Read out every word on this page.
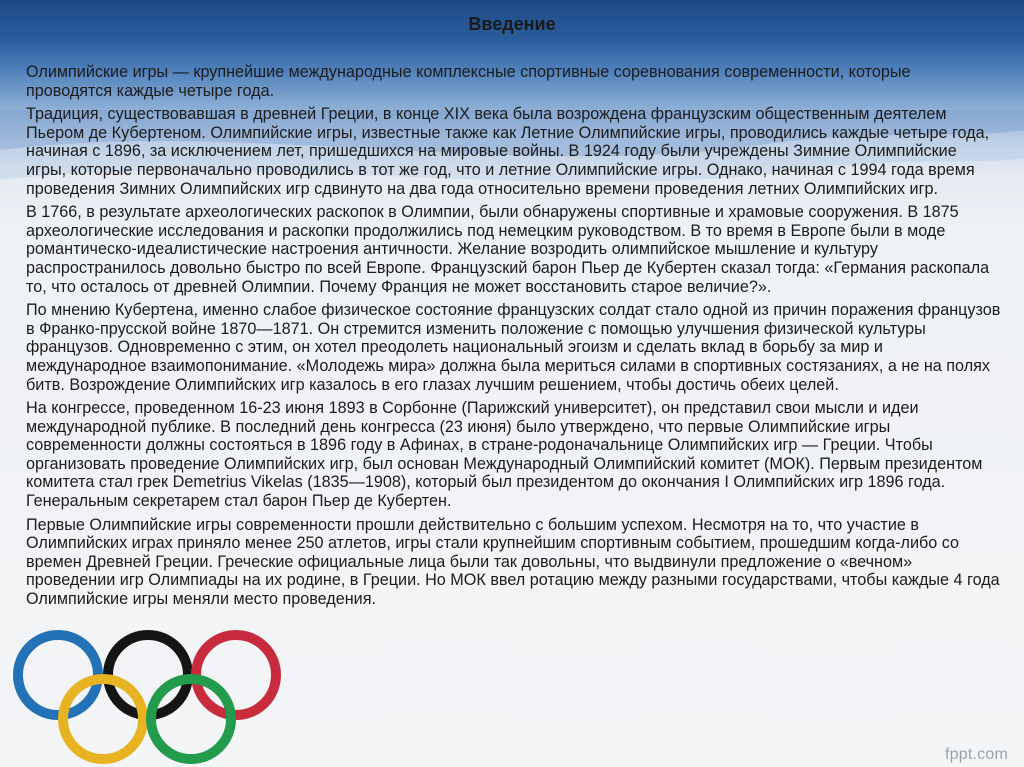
Введение

Олимпийские игры — крупнейшие международные комплексные спортивные соревнования современности, которые проводятся каждые четыре года.

Традиция, существовавшая в древней Греции, в конце XIX века была возрождена французским общественным деятелем Пьером де Кубертеном. Олимпийские игры, известные также как Летние Олимпийские игры, проводились каждые четыре года, начиная с 1896, за исключением лет, пришедшихся на мировые войны. В 1924 году были учреждены Зимние Олимпийские игры, которые первоначально проводились в тот же год, что и летние Олимпийские игры. Однако, начиная с 1994 года время проведения Зимних Олимпийских игр сдвинуто на два года относительно времени проведения летних Олимпийских игр.

В 1766, в результате археологических раскопок в Олимпии, были обнаружены спортивные и храмовые сооружения. В 1875 археологические исследования и раскопки продолжились под немецким руководством. В то время в Европе были в моде романтическо-идеалистические настроения античности. Желание возродить олимпийское мышление и культуру распространилось довольно быстро по всей Европе. Французский барон Пьер де Кубертен сказал тогда: «Германия раскопала то, что осталось от древней Олимпии. Почему Франция не может восстановить старое величие?».

По мнению Кубертена, именно слабое физическое состояние французских солдат стало одной из причин поражения французов в Франко-прусской войне 1870—1871. Он стремится изменить положение с помощью улучшения физической культуры французов. Одновременно с этим, он хотел преодолеть национальный эгоизм и сделать вклад в борьбу за мир и международное взаимопонимание. «Молодежь мира» должна была мериться силами в спортивных состязаниях, а не на полях битв. Возрождение Олимпийских игр казалось в его глазах лучшим решением, чтобы достичь обеих целей.

На конгрессе, проведенном 16-23 июня 1893 в Сорбонне (Парижский университет), он представил свои мысли и идеи международной публике. В последний день конгресса (23 июня) было утверждено, что первые Олимпийские игры современности должны состояться в 1896 году в Афинах, в стране-родоначальнице Олимпийских игр — Греции. Чтобы организовать проведение Олимпийских игр, был основан Международный Олимпийский комитет (МОК). Первым президентом комитета стал грек Demetrius Vikelas (1835—1908), который был президентом до окончания I Олимпийских игр 1896 года. Генеральным секретарем стал барон Пьер де Кубертен.

Первые Олимпийские игры современности прошли действительно с большим успехом. Несмотря на то, что участие в Олимпийских играх приняло менее 250 атлетов, игры стали крупнейшим спортивным событием, прошедшим когда-либо со времен Древней Греции. Греческие официальные лица были так довольны, что выдвинули предложение о «вечном» проведении игр Олимпиады на их родине, в Греции. Но МОК ввел ротацию между разными государствами, чтобы каждые 4 года Олимпийские игры меняли место проведения.

fppt.com
